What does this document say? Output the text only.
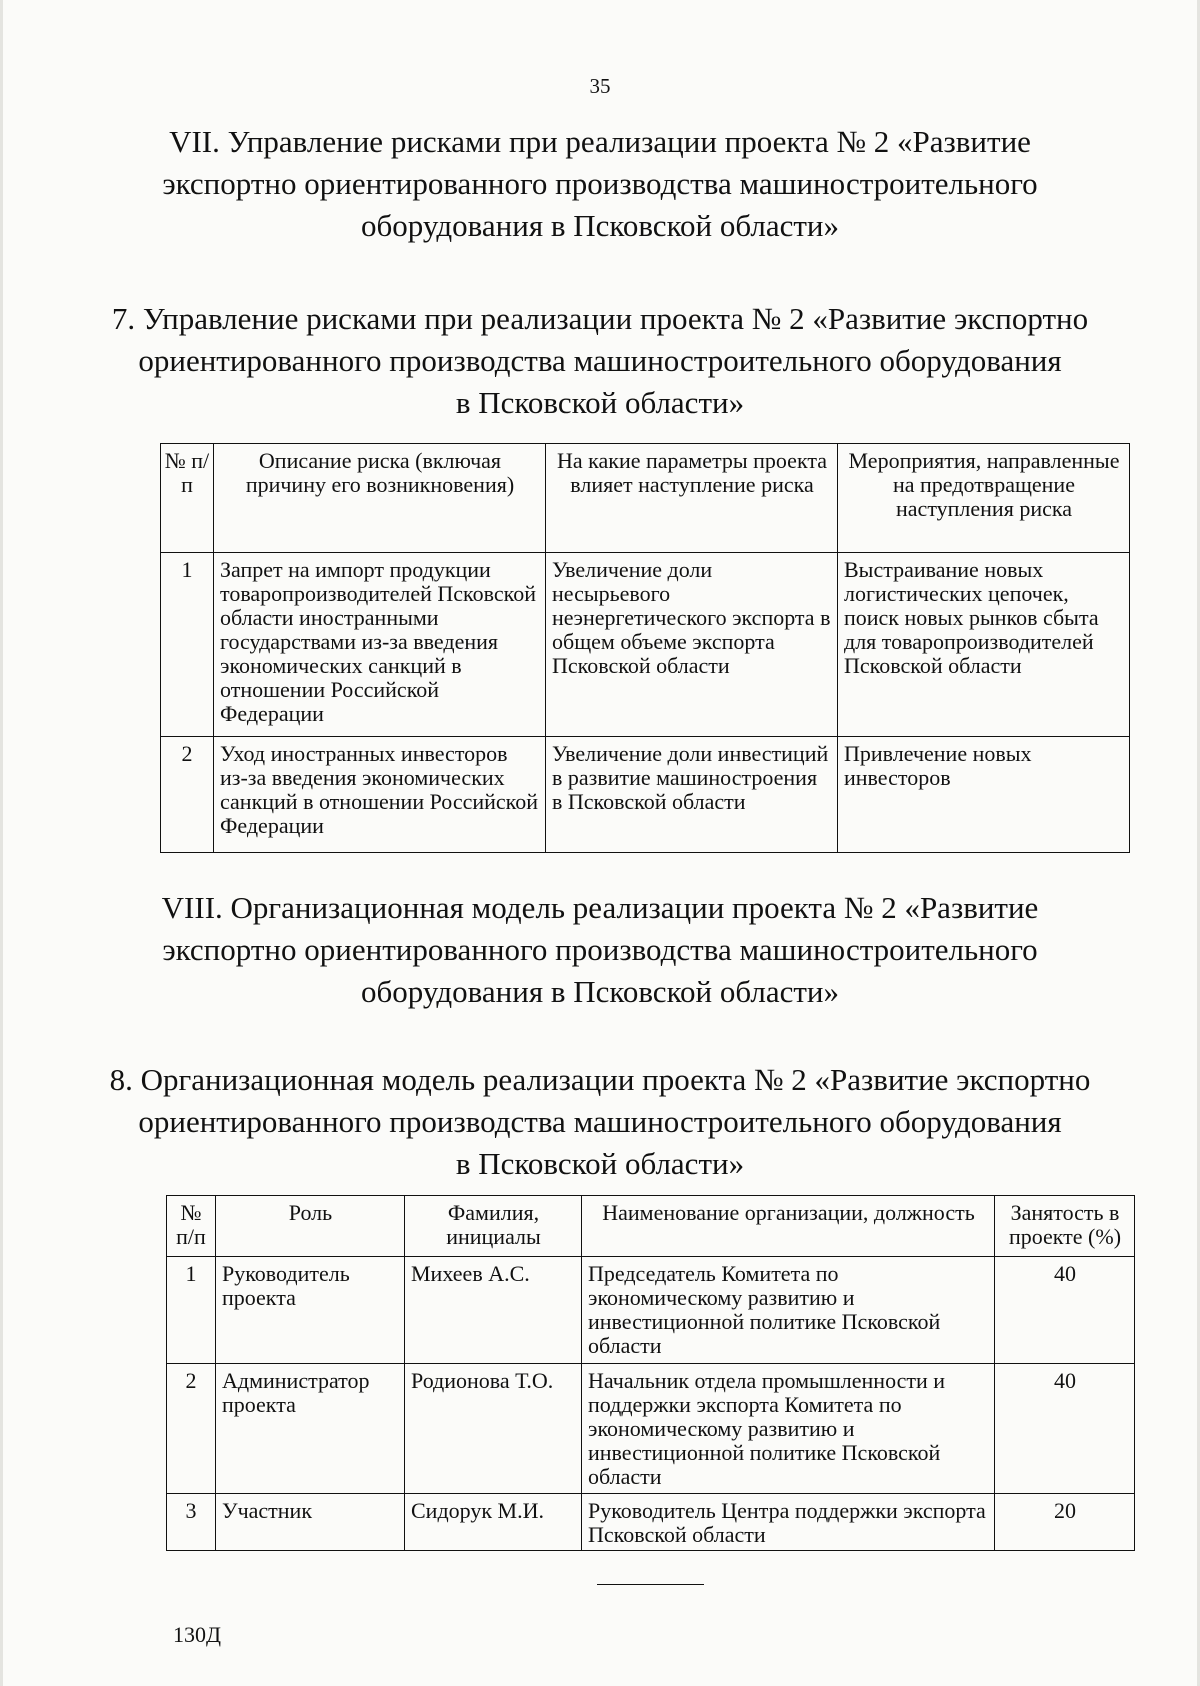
35
VII. Управление рисками при реализации проекта № 2 «Развитие
экспортно ориентированного производства машиностроительного
оборудования в Псковской области»
7. Управление рисками при реализации проекта № 2 «Развитие экспортно
ориентированного производства машиностроительного оборудования
в Псковской области»
№ п/п	Описание риска (включая причину его возникновения)	На какие параметры проекта влияет наступление риска	Мероприятия, направленные на предотвращение наступления риска
1	Запрет на импорт продукции товаропроизводителей Псковской области иностранными государствами из-за введения экономических санкций в отношении Российской Федерации	Увеличение доли несырьевого неэнергетического экспорта в общем объеме экспорта Псковской области	Выстраивание новых логистических цепочек, поиск новых рынков сбыта для товаропроизводителей Псковской области
2	Уход иностранных инвесторов из-за введения экономических санкций в отношении Российской Федерации	Увеличение доли инвестиций в развитие машиностроения в Псковской области	Привлечение новых инвесторов
VIII. Организационная модель реализации проекта № 2 «Развитие
экспортно ориентированного производства машиностроительного
оборудования в Псковской области»
8. Организационная модель реализации проекта № 2 «Развитие экспортно
ориентированного производства машиностроительного оборудования
в Псковской области»
№ п/п	Роль	Фамилия, инициалы	Наименование организации, должность	Занятость в проекте (%)
1	Руководитель проекта	Михеев А.С.	Председатель Комитета по экономическому развитию и инвестиционной политике Псковской области	40
2	Администратор проекта	Родионова Т.О.	Начальник отдела промышленности и поддержки экспорта Комитета по экономическому развитию и инвестиционной политике Псковской области	40
3	Участник	Сидорук М.И.	Руководитель Центра поддержки экспорта Псковской области	20
130Д
